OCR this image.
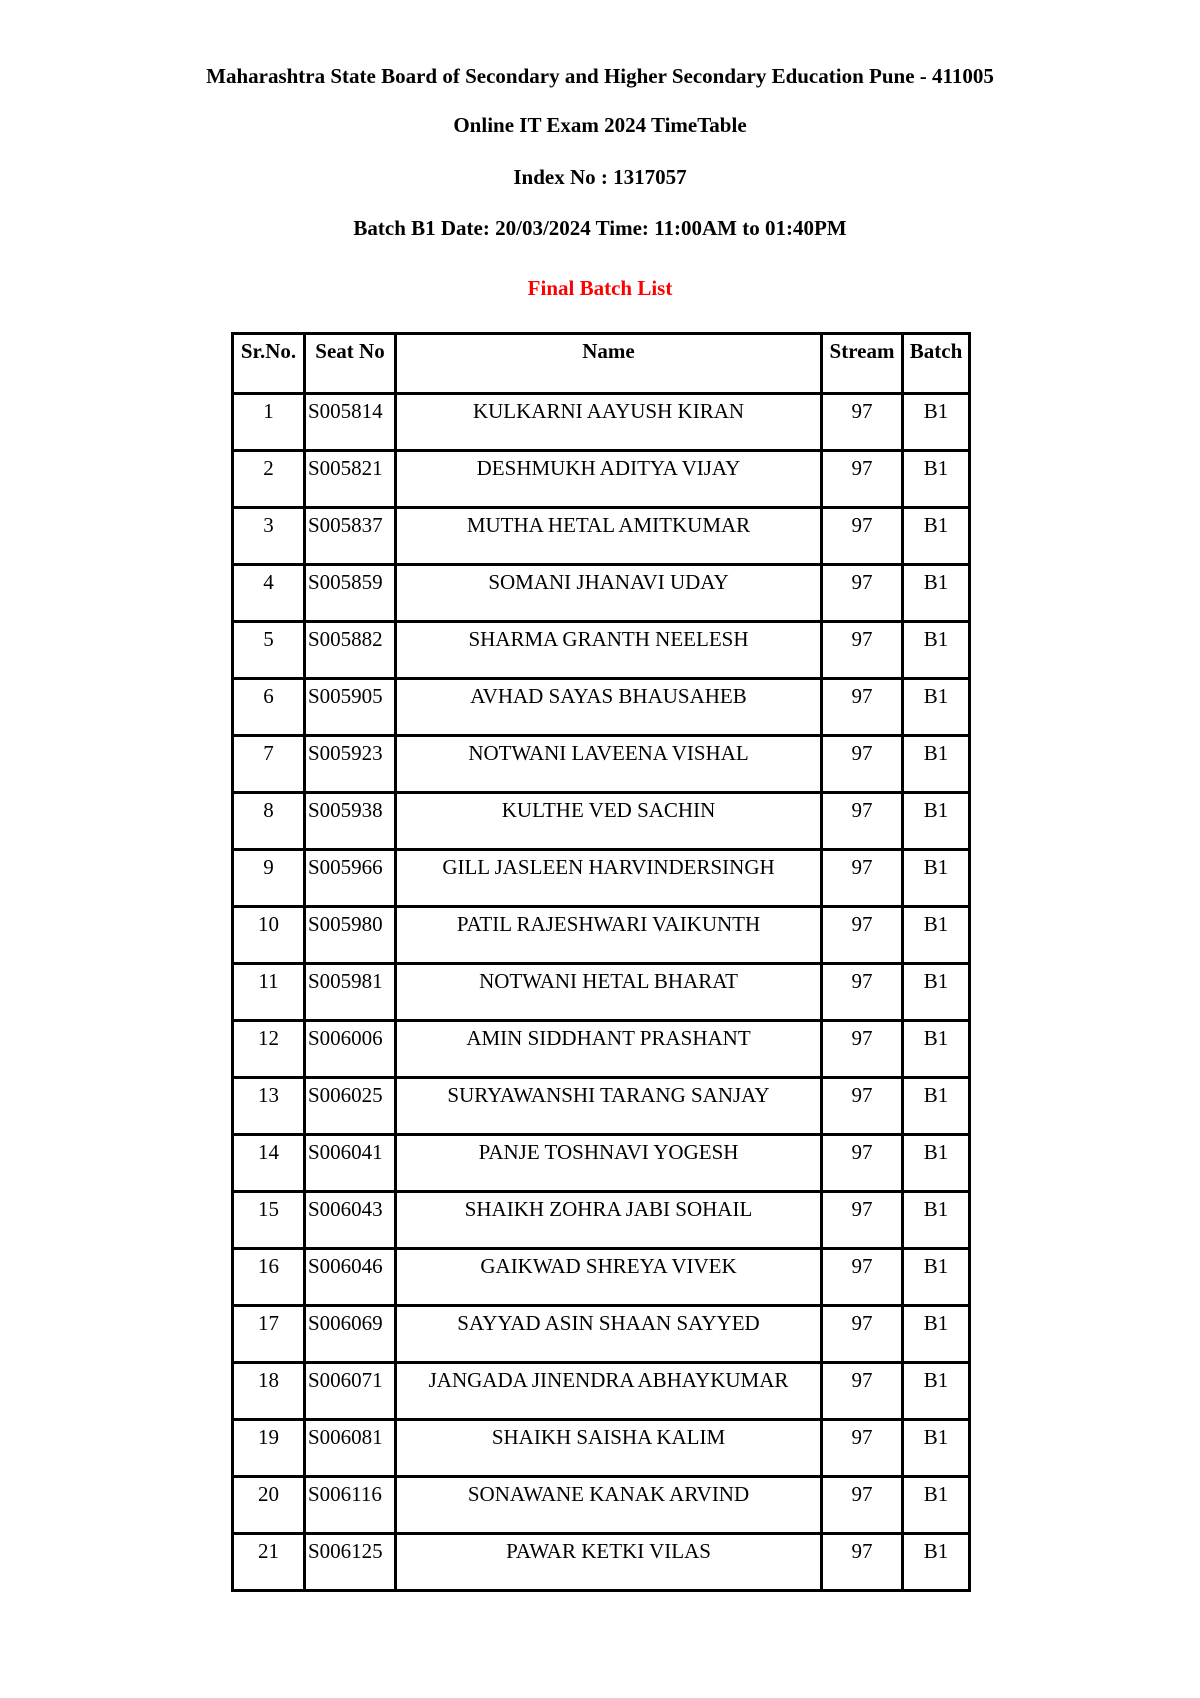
Maharashtra State Board of Secondary and Higher Secondary Education Pune - 411005
Online IT Exam 2024 TimeTable
Index No : 1317057
Batch B1 Date: 20/03/2024 Time: 11:00AM to 01:40PM
Final Batch List
Sr.No.	Seat No	Name	Stream	Batch
1	S005814	KULKARNI AAYUSH KIRAN	97	B1
2	S005821	DESHMUKH ADITYA VIJAY	97	B1
3	S005837	MUTHA HETAL AMITKUMAR	97	B1
4	S005859	SOMANI JHANAVI UDAY	97	B1
5	S005882	SHARMA GRANTH NEELESH	97	B1
6	S005905	AVHAD SAYAS BHAUSAHEB	97	B1
7	S005923	NOTWANI LAVEENA VISHAL	97	B1
8	S005938	KULTHE VED SACHIN	97	B1
9	S005966	GILL JASLEEN HARVINDERSINGH	97	B1
10	S005980	PATIL RAJESHWARI VAIKUNTH	97	B1
11	S005981	NOTWANI HETAL BHARAT	97	B1
12	S006006	AMIN SIDDHANT PRASHANT	97	B1
13	S006025	SURYAWANSHI TARANG SANJAY	97	B1
14	S006041	PANJE TOSHNAVI YOGESH	97	B1
15	S006043	SHAIKH ZOHRA JABI SOHAIL	97	B1
16	S006046	GAIKWAD SHREYA VIVEK	97	B1
17	S006069	SAYYAD ASIN SHAAN SAYYED	97	B1
18	S006071	JANGADA JINENDRA ABHAYKUMAR	97	B1
19	S006081	SHAIKH SAISHA KALIM	97	B1
20	S006116	SONAWANE KANAK ARVIND	97	B1
21	S006125	PAWAR KETKI VILAS	97	B1
